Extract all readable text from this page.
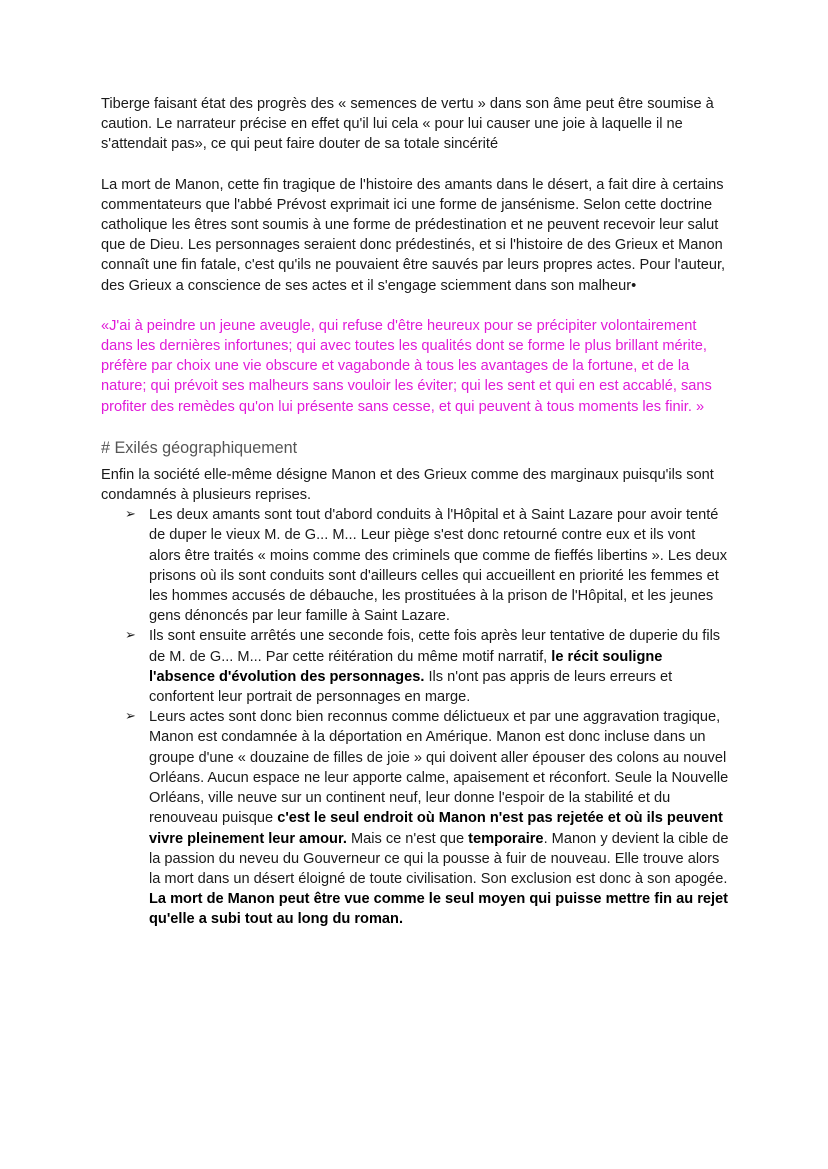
Tiberge faisant état des progrès des « semences de vertu » dans son âme peut être soumise à caution. Le narrateur précise en effet qu'il lui cela « pour lui causer une joie à laquelle il ne s'attendait pas», ce qui peut faire douter de sa totale sincérité

La mort de Manon, cette fin tragique de l'histoire des amants dans le désert, a fait dire à certains commentateurs que l'abbé Prévost exprimait ici une forme de jansénisme. Selon cette doctrine catholique les êtres sont soumis à une forme de prédestination et ne peuvent recevoir leur salut que de Dieu. Les personnages seraient donc prédestinés, et si l'histoire de des Grieux et Manon connaît une fin fatale, c'est qu'ils ne pouvaient être sauvés par leurs propres actes. Pour l'auteur, des Grieux a conscience de ses actes et il s'engage sciemment dans son malheur•

«J'ai à peindre un jeune aveugle, qui refuse d'être heureux pour se précipiter volontairement dans les dernières infortunes; qui avec toutes les qualités dont se forme le plus brillant mérite, préfère par choix une vie obscure et vagabonde à tous les avantages de la fortune, et de la nature; qui prévoit ses malheurs sans vouloir les éviter; qui les sent et qui en est accablé, sans profiter des remèdes qu'on lui présente sans cesse, et qui peuvent à tous moments les finir. »

# Exilés géographiquement

Enfin la société elle-même désigne Manon et des Grieux comme des marginaux puisqu'ils sont condamnés à plusieurs reprises.

➢ Les deux amants sont tout d'abord conduits à l'Hôpital et à Saint Lazare pour avoir tenté de duper le vieux M. de G... M... Leur piège s'est donc retourné contre eux et ils vont alors être traités « moins comme des criminels que comme de fieffés libertins ». Les deux prisons où ils sont conduits sont d'ailleurs celles qui accueillent en priorité les femmes et les hommes accusés de débauche, les prostituées à la prison de l'Hôpital, et les jeunes gens dénoncés par leur famille à Saint Lazare.
➢ Ils sont ensuite arrêtés une seconde fois, cette fois après leur tentative de duperie du fils de M. de G... M... Par cette réitération du même motif narratif, le récit souligne l'absence d'évolution des personnages. Ils n'ont pas appris de leurs erreurs et confortent leur portrait de personnages en marge.
➢ Leurs actes sont donc bien reconnus comme délictueux et par une aggravation tragique, Manon est condamnée à la déportation en Amérique. Manon est donc incluse dans un groupe d'une « douzaine de filles de joie » qui doivent aller épouser des colons au nouvel Orléans. Aucun espace ne leur apporte calme, apaisement et réconfort. Seule la Nouvelle Orléans, ville neuve sur un continent neuf, leur donne l'espoir de la stabilité et du renouveau puisque c'est le seul endroit où Manon n'est pas rejetée et où ils peuvent vivre pleinement leur amour. Mais ce n'est que temporaire. Manon y devient la cible de la passion du neveu du Gouverneur ce qui la pousse à fuir de nouveau. Elle trouve alors la mort dans un désert éloigné de toute civilisation. Son exclusion est donc à son apogée. La mort de Manon peut être vue comme le seul moyen qui puisse mettre fin au rejet qu'elle a subi tout au long du roman.
